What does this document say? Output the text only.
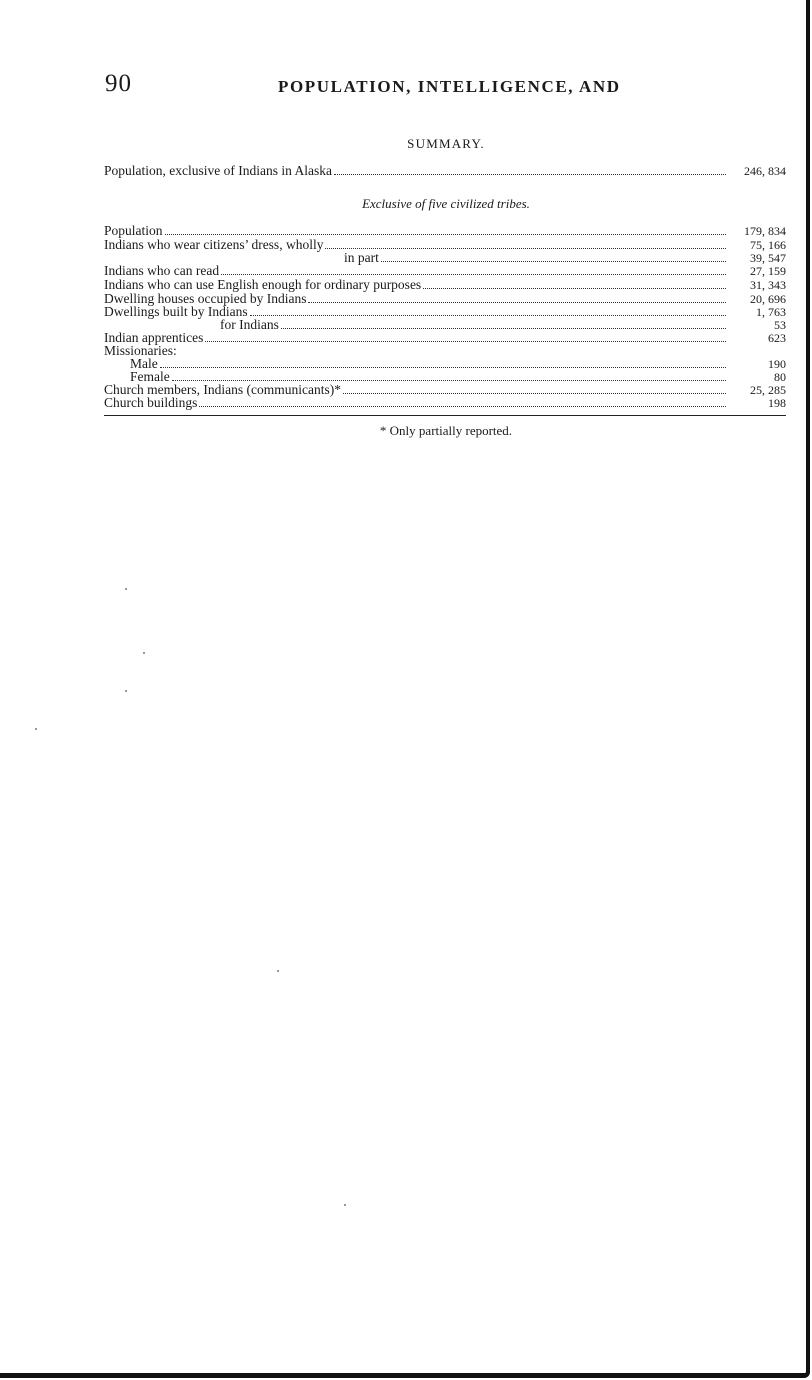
90	POPULATION, INTELLIGENCE, AND
SUMMARY.
Population, exclusive of Indians in Alaska	246, 834
Exclusive of five civilized tribes.
Population	179, 834
Indians who wear citizens’ dress, wholly	75, 166
in part	39, 547
Indians who can read	27, 159
Indians who can use English enough for ordinary purposes	31, 343
Dwelling houses occupied by Indians	20, 696
Dwellings built by Indians	1, 763
for Indians	53
Indian apprentices	623
Missionaries:
Male	190
Female	80
Church members, Indians (communicants)*	25, 285
Church buildings	198
* Only partially reported.
